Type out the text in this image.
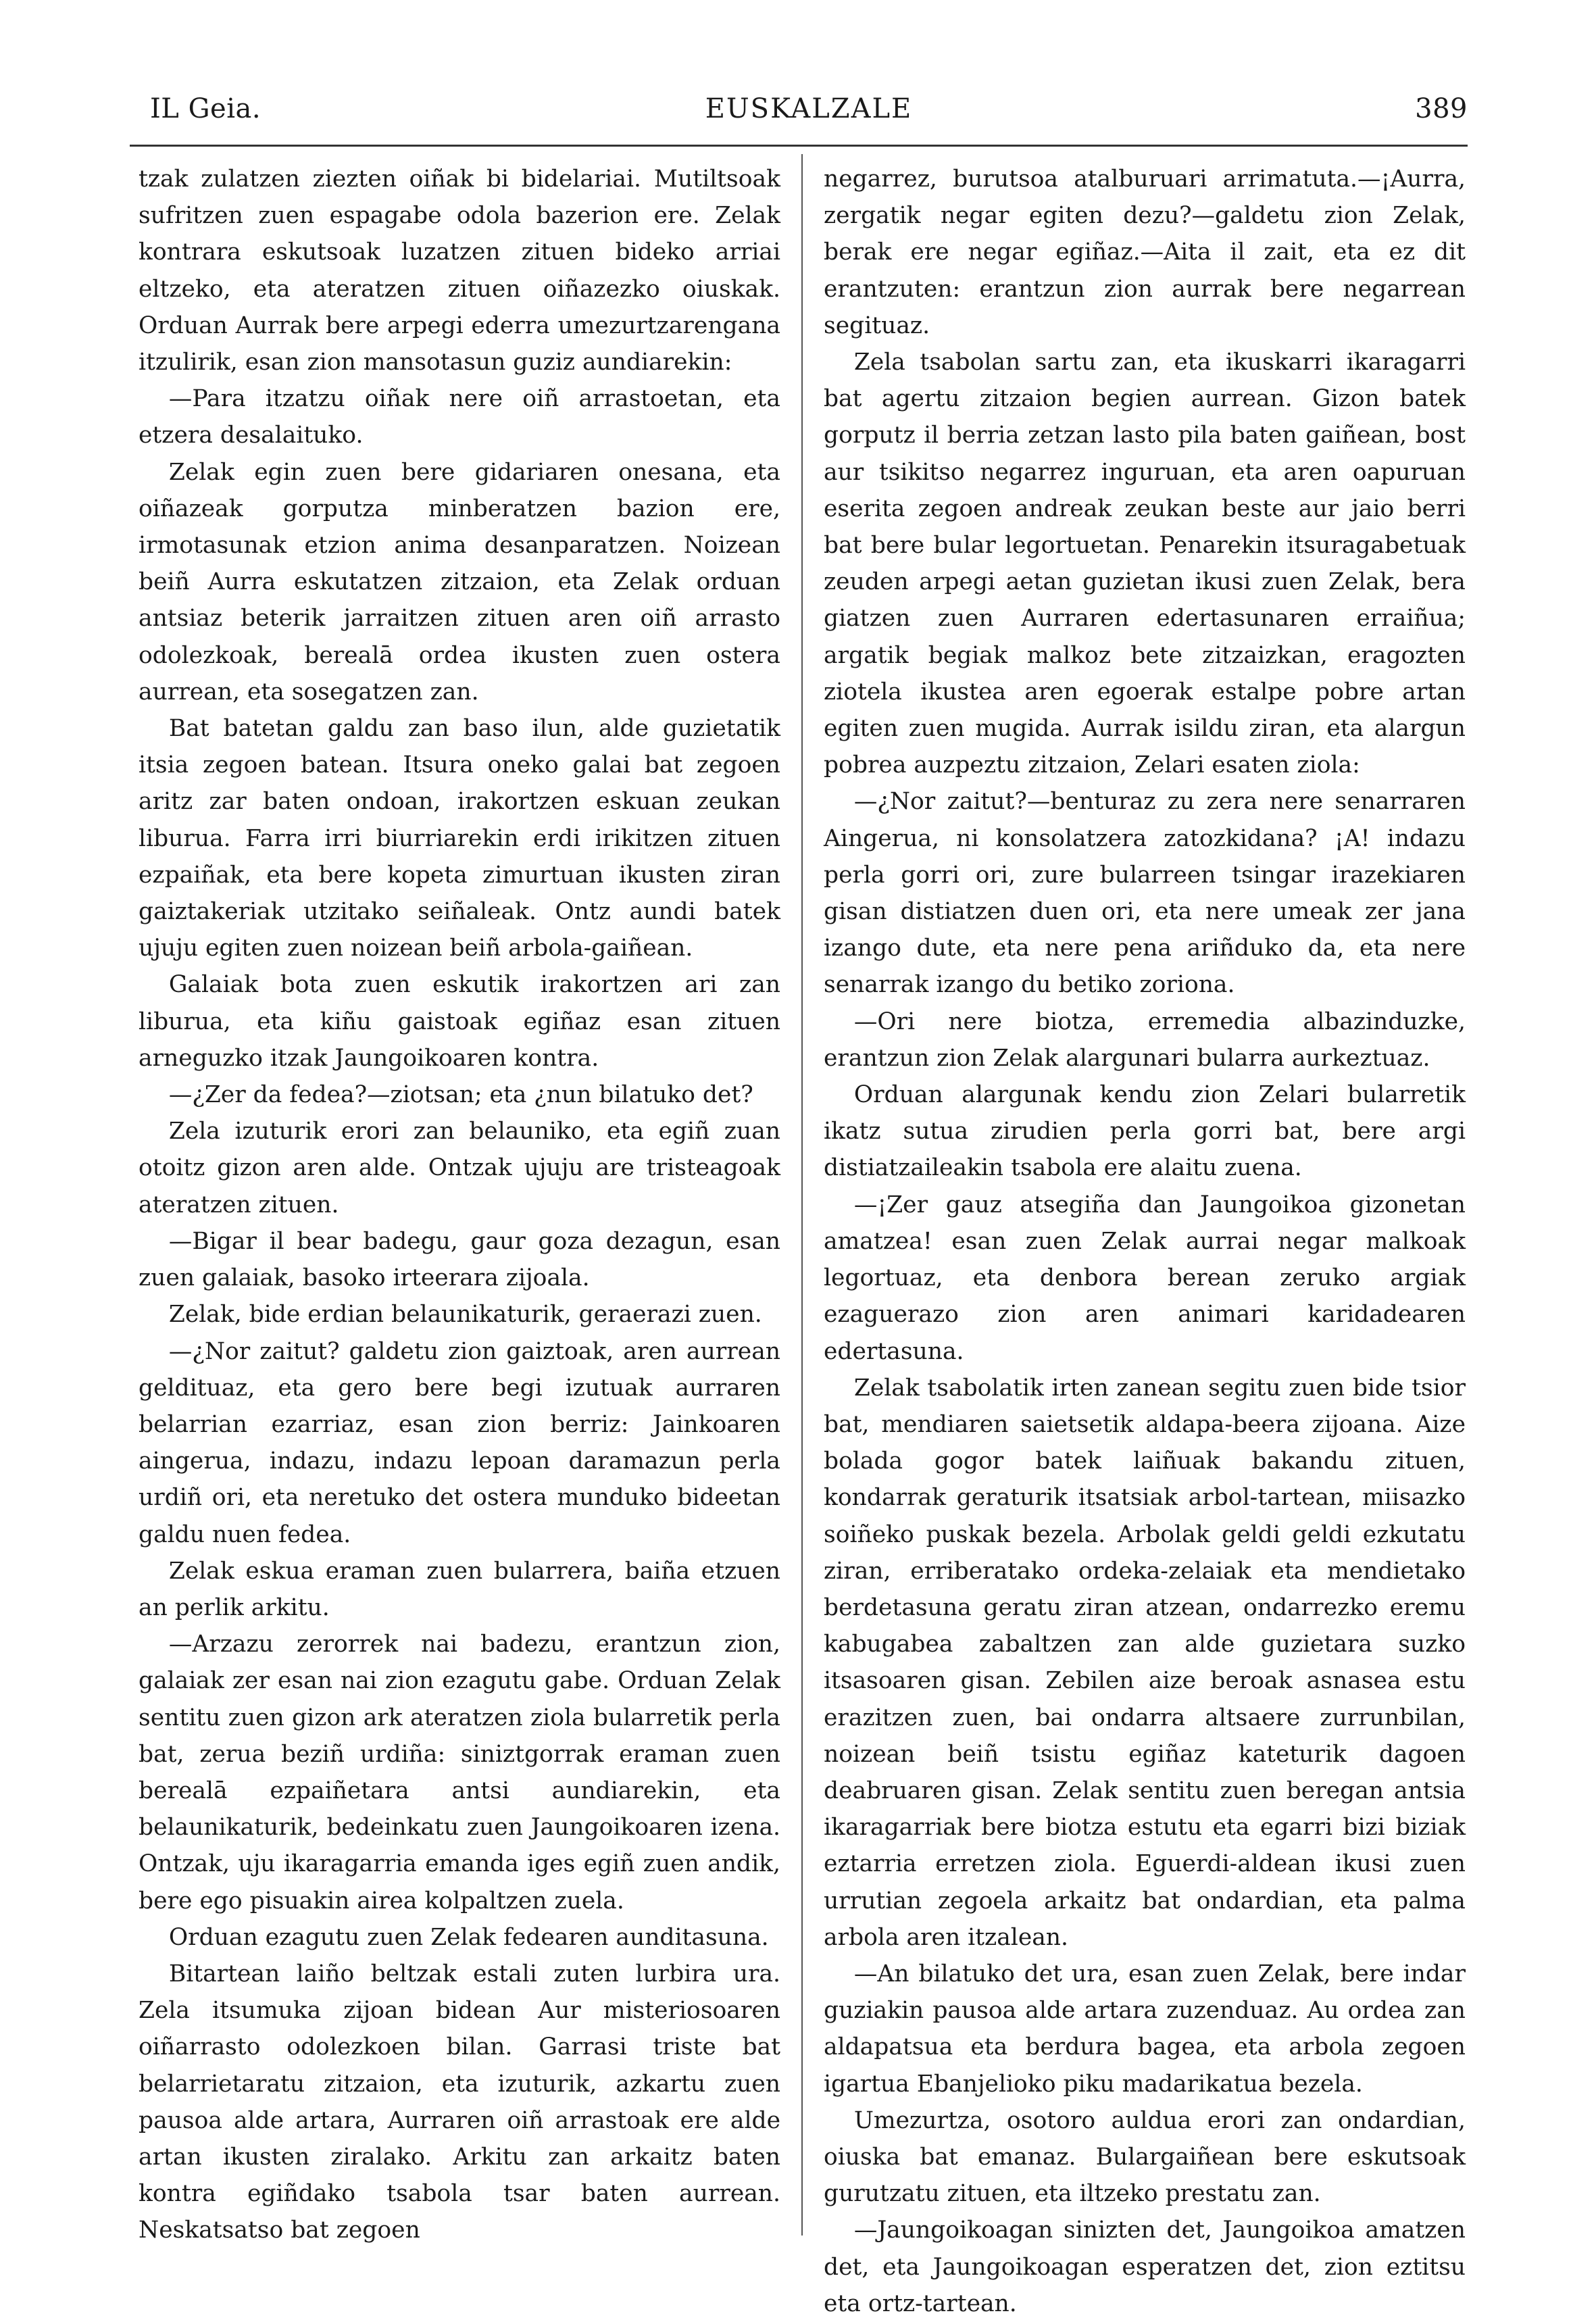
IL Geia.	EUSKALZALE	389

tzak zulatzen ziezten oiñak bi bidelariai. Mutiltsoak sufritzen zuen espagabe odola bazerion ere. Zelak kontrara eskutsoak luzatzen zituen bideko arriai eltzeko, eta ateratzen zituen oiñazezko oiuskak. Orduan Aurrak bere arpegi ederra umezurtzarengana itzulirik, esan zion mansotasun guziz aundiarekin:

—Para itzatzu oiñak nere oiñ arrastoetan, eta etzera desalaituko.

Zelak egin zuen bere gidariaren onesana, eta oiñazeak gorputza minberatzen bazion ere, irmotasunak etzion anima desanparatzen. Noizean beiñ Aurra eskutatzen zitzaion, eta Zelak orduan antsiaz beterik jarraitzen zituen aren oiñ arrasto odolezkoak, berealā ordea ikusten zuen ostera aurrean, eta sosegatzen zan.

Bat batetan galdu zan baso ilun, alde guzietatik itsia zegoen batean. Itsura oneko galai bat zegoen aritz zar baten ondoan, irakortzen eskuan zeukan liburua. Farra irri biurriarekin erdi irikitzen zituen ezpaiñak, eta bere kopeta zimurtuan ikusten ziran gaiztakeriak utzitako seiñaleak. Ontz aundi batek ujuju egiten zuen noizean beiñ arbola-gaiñean.

Galaiak bota zuen eskutik irakortzen ari zan liburua, eta kiñu gaistoak egiñaz esan zituen arneguzko itzak Jaungoikoaren kontra.

—¿Zer da fedea?—ziotsan; eta ¿nun bilatuko det?

Zela izuturik erori zan belauniko, eta egiñ zuan otoitz gizon aren alde. Ontzak ujuju are tristeagoak ateratzen zituen.

—Bigar il bear badegu, gaur goza dezagun, esan zuen galaiak, basoko irteerara zijoala.

Zelak, bide erdian belaunikaturik, geraerazi zuen.

—¿Nor zaitut? galdetu zion gaiztoak, aren aurrean geldituaz, eta gero bere begi izutuak aurraren belarrian ezarriaz, esan zion berriz: Jainkoaren aingerua, indazu, indazu lepoan daramazun perla urdiñ ori, eta neretuko det ostera munduko bideetan galdu nuen fedea.

Zelak eskua eraman zuen bularrera, baiña etzuen an perlik arkitu.

—Arzazu zerorrek nai badezu, erantzun zion, galaiak zer esan nai zion ezagutu gabe. Orduan Zelak sentitu zuen gizon ark ateratzen ziola bularretik perla bat, zerua beziñ urdiña: siniztgorrak eraman zuen berealā ezpaiñetara antsi aundiarekin, eta belaunikaturik, bedeinkatu zuen Jaungoikoaren izena. Ontzak, uju ikaragarria emanda iges egiñ zuen andik, bere ego pisuakin airea kolpaltzen zuela.

Orduan ezagutu zuen Zelak fedearen aunditasuna.

Bitartean laiño beltzak estali zuten lurbira ura. Zela itsumuka zijoan bidean Aur misteriosoaren oiñarrasto odolezkoen bilan. Garrasi triste bat belarrietaratu zitzaion, eta izuturik, azkartu zuen pausoa alde artara, Aurraren oiñ arrastoak ere alde artan ikusten ziralako. Arkitu zan arkaitz baten kontra egiñdako tsabola tsar baten aurrean. Neskatsatso bat zegoen

negarrez, burutsoa atalburuari arrimatuta.—¡Aurra, zergatik negar egiten dezu?—galdetu zion Zelak, berak ere negar egiñaz.—Aita il zait, eta ez dit erantzuten: erantzun zion aurrak bere negarrean segituaz.

Zela tsabolan sartu zan, eta ikuskarri ikaragarri bat agertu zitzaion begien aurrean. Gizon batek gorputz il berria zetzan lasto pila baten gaiñean, bost aur tsikitso negarrez inguruan, eta aren oapuruan eserita zegoen andreak zeukan beste aur jaio berri bat bere bular legortuetan. Penarekin itsuragabetuak zeuden arpegi aetan guzietan ikusi zuen Zelak, bera giatzen zuen Aurraren edertasunaren erraiñua; argatik begiak malkoz bete zitzaizkan, eragozten ziotela ikustea aren egoerak estalpe pobre artan egiten zuen mugida. Aurrak isildu ziran, eta alargun pobrea auzpeztu zitzaion, Zelari esaten ziola:

—¿Nor zaitut?—benturaz zu zera nere senarraren Aingerua, ni konsolatzera zatozkidana? ¡A! indazu perla gorri ori, zure bularreen tsingar irazekiaren gisan distiatzen duen ori, eta nere umeak zer jana izango dute, eta nere pena ariñduko da, eta nere senarrak izango du betiko zoriona.

—Ori nere biotza, erremedia albazinduzke, erantzun zion Zelak alargunari bularra aurkeztuaz.

Orduan alargunak kendu zion Zelari bularretik ikatz sutua zirudien perla gorri bat, bere argi distiatzaileakin tsabola ere alaitu zuena.

—¡Zer gauz atsegiña dan Jaungoikoa gizonetan amatzea! esan zuen Zelak aurrai negar malkoak legortuaz, eta denbora berean zeruko argiak ezaguerazo zion aren animari karidadearen edertasuna.

Zelak tsabolatik irten zanean segitu zuen bide tsior bat, mendiaren saietsetik aldapa-beera zijoana. Aize bolada gogor batek laiñuak bakandu zituen, kondarrak geraturik itsatsiak arbol-tartean, miisazko soiñeko puskak bezela. Arbolak geldi geldi ezkutatu ziran, erriberatako ordeka-zelaiak eta mendietako berdetasuna geratu ziran atzean, ondarrezko eremu kabugabea zabaltzen zan alde guzietara suzko itsasoaren gisan. Zebilen aize beroak asnasea estu erazitzen zuen, bai ondarra altsaere zurrunbilan, noizean beiñ tsistu egiñaz kateturik dagoen deabruaren gisan. Zelak sentitu zuen beregan antsia ikaragarriak bere biotza estutu eta egarri bizi biziak eztarria erretzen ziola. Eguerdi-aldean ikusi zuen urrutian zegoela arkaitz bat ondardian, eta palma arbola aren itzalean.

—An bilatuko det ura, esan zuen Zelak, bere indar guziakin pausoa alde artara zuzenduaz. Au ordea zan aldapatsua eta berdura bagea, eta arbola zegoen igartua Ebanjelioko piku madarikatua bezela.

Umezurtza, osotoro auldua erori zan ondardian, oiuska bat emanaz. Bulargaiñean bere eskutsoak gurutzatu zituen, eta iltzeko prestatu zan.

—Jaungoikoagan sinizten det, Jaungoikoa amatzen det, eta Jaungoikoagan esperatzen det, zion eztitsu eta ortz-tartean.
